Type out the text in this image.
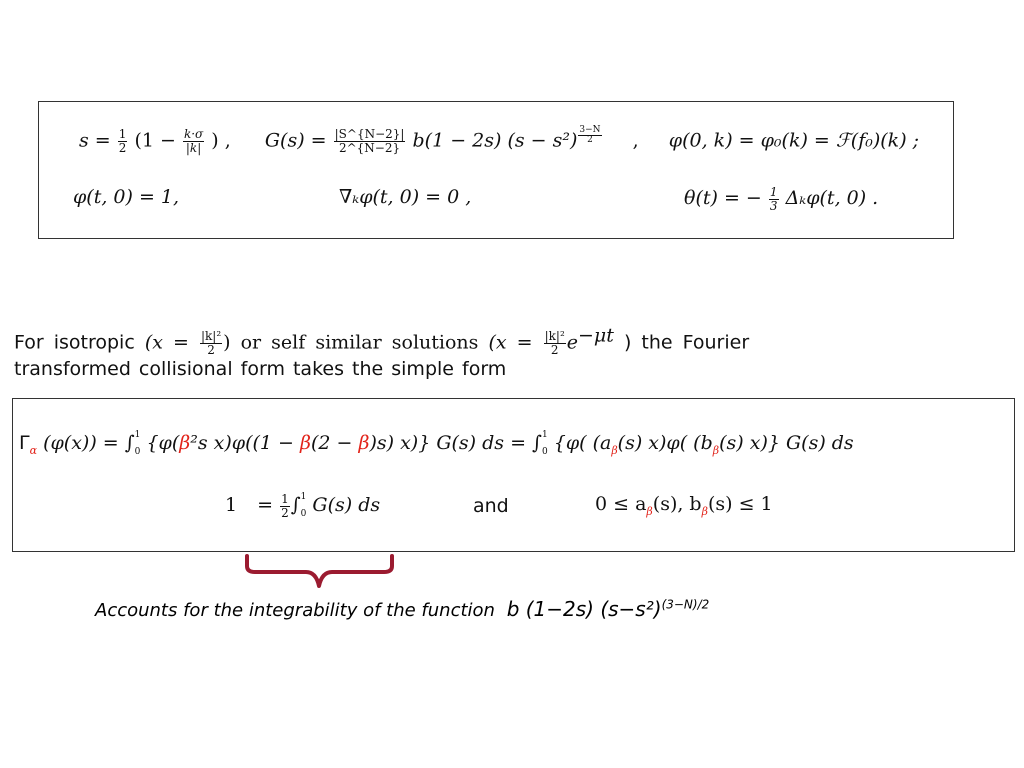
$s = \frac{1}{2} (1 - \frac{k\cdot\sigma}{|k|}$ ) , $G(s) = \frac{|S\^{}\{N-2\}|}{2\^{}\{N-2\}} b(1 - 2s) (s - s^2)$ $^{\frac{3-N}{2}}$ , φ(0, k) = φ₀(k) = ℱ(f₀)(k) ;
φ(t, 0) = 1,	∇ₖφ(t, 0) = 0 ,	θ(t) = − $\frac{1}{3} \Delta_k\varphi(t$, 0) .
For isotropic ($x = \frac{\text{|k|²}}{2}$ ) or self similar solutions ($x = \frac{\text{|k|²}}{2} e^{-\mu t}$ ) the Fourier
transformed collisional form takes the simple form
$\Gamma_\alpha$ (φ(x)) = ∫ 1
0 {φ(β²s x)φ((1 − β(2 − β)s) x)} G(s) ds = ∫ 1
0 {φ( ($a_\beta(s)$ x)φ( ($b_\beta(s)$ x)} G(s) ds
$1 = \frac{1}{2}$ ∫ 1
0 G(s) ds	and	$0 \le a_\beta(s)$, $b_\beta(s) \le 1$
Accounts for the integrability of the function b (1−2s) $(s-s^2)^{(3-N)/2}$
